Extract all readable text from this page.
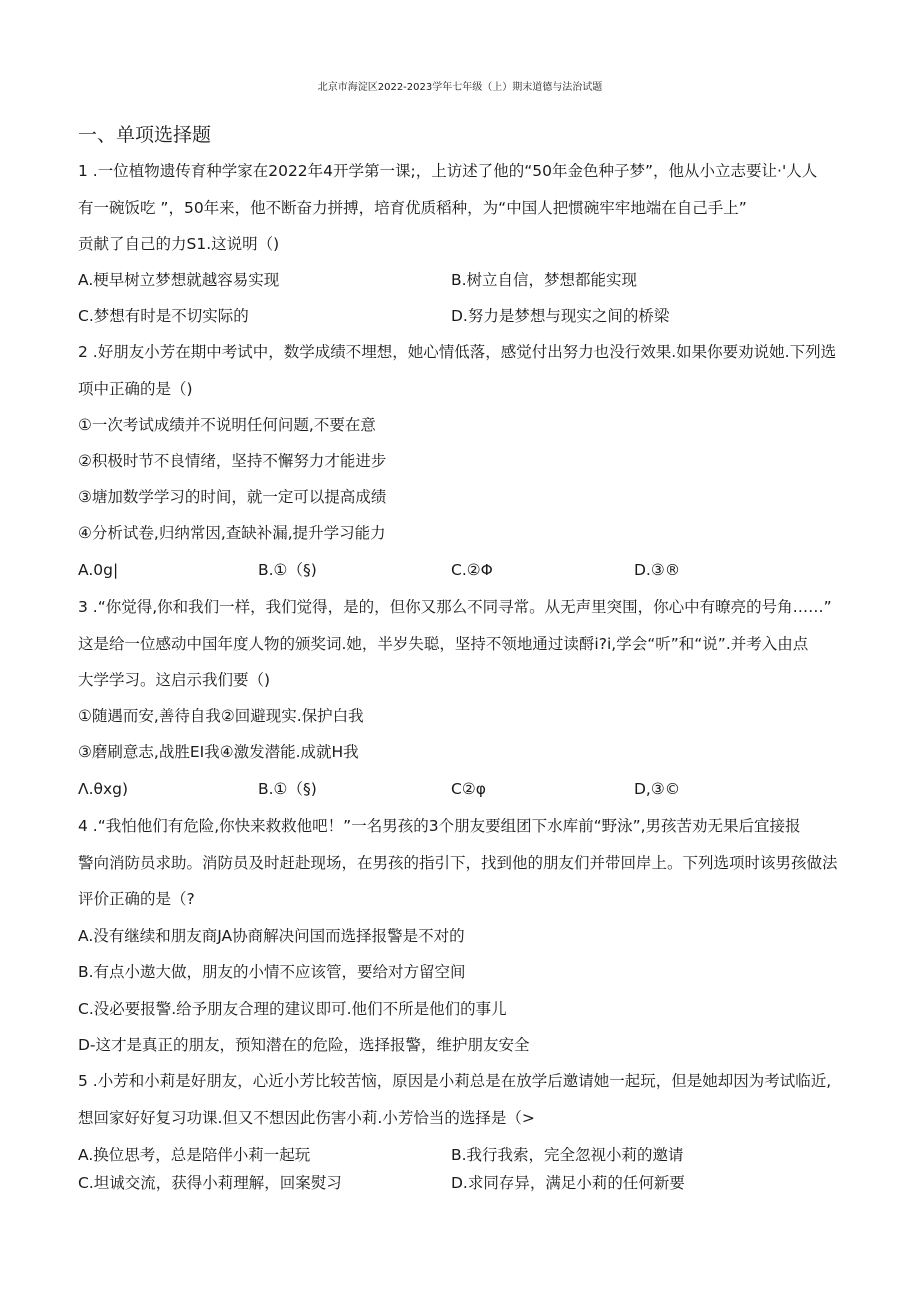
北京市海淀区2022-2023学年七年级（上）期末道德与法治试题
一、单项选择题
1 .一位植物遗传育种学家在2022年4开学第一课;，上访述了他的“50年金色种子梦”，他从小立志要让·'人人
有一碗饭吃 ”，50年来，他不断奋力拼搏，培育优质稻种，为“中国人把惯碗牢牢地端在自己手上”
贡献了自己的力S1.这说明（)
A.梗早树立梦想就越容易实现	B.树立自信，梦想都能实现
C.梦想有时是不切实际的	D.努力是梦想与现实之间的桥梁
2 .好朋友小芳在期中考试中，数学成绩不埋想，她心情低落，感觉付出努力也没行效果.如果你要劝说她.下列选
项中正确的是（)
①一次考试成绩并不说明任何问题,不要在意
②积极时节不良情绪，坚持不懈努力才能进步
③塘加数学学习的时间，就一定可以提高成绩
④分析试卷,归纳常因,查缺补漏,提升学习能力
A.0g|	B.①（§)	C.②Φ	D.③®
3 .“你觉得,你和我们一样，我们觉得，是的，但你又那么不同寻常。从无声里突围，你心中有暸亮的号角……”
这是给一位感动中国年度人物的颁奖词.她，半岁失聪，坚持不领地通过读酹i?i,学会“听”和“说”.并考入由点
大学学习。这启示我们要（)
①随遇而安,善待自我②回避现实.保护白我
③磨刷意志,战胜EI我④激发潜能.成就H我
Λ.θxg)	B.①（§)	C②φ	D,③©
4 .“我怕他们有危险,你快来救救他吧！”一名男孩的3个朋友要组团下水库前“野泳”,男孩苦劝无果后宜接报
警向消防员求助。消防员及时赶赴现场，在男孩的指引下，找到他的朋友们并带回岸上。下列选项时该男孩做法
评价正确的是（?
A.没有继续和朋友商JA协商解决问国而选择报警是不对的
B.有点小遨大做，朋友的小情不应该管，要给对方留空间
C.没必要报警.给予朋友合理的建议即可.他们不所是他们的事儿
D-这才是真正的朋友，预知潜在的危险，选择报警，维护朋友安全
5 .小芳和小莉是好朋友，心近小芳比较苦恼，原因是小莉总是在放学后邀请她一起玩，但是她却因为考试临近,
想回家好好复习功课.但又不想因此伤害小莉.小芳恰当的选择是（>
A.换位思考，总是陪伴小莉一起玩	B.我行我索，完全忽视小莉的邀请
C.坦诚交流，获得小莉理解，回案熨习	D.求同存异，满足小莉的任何新要
